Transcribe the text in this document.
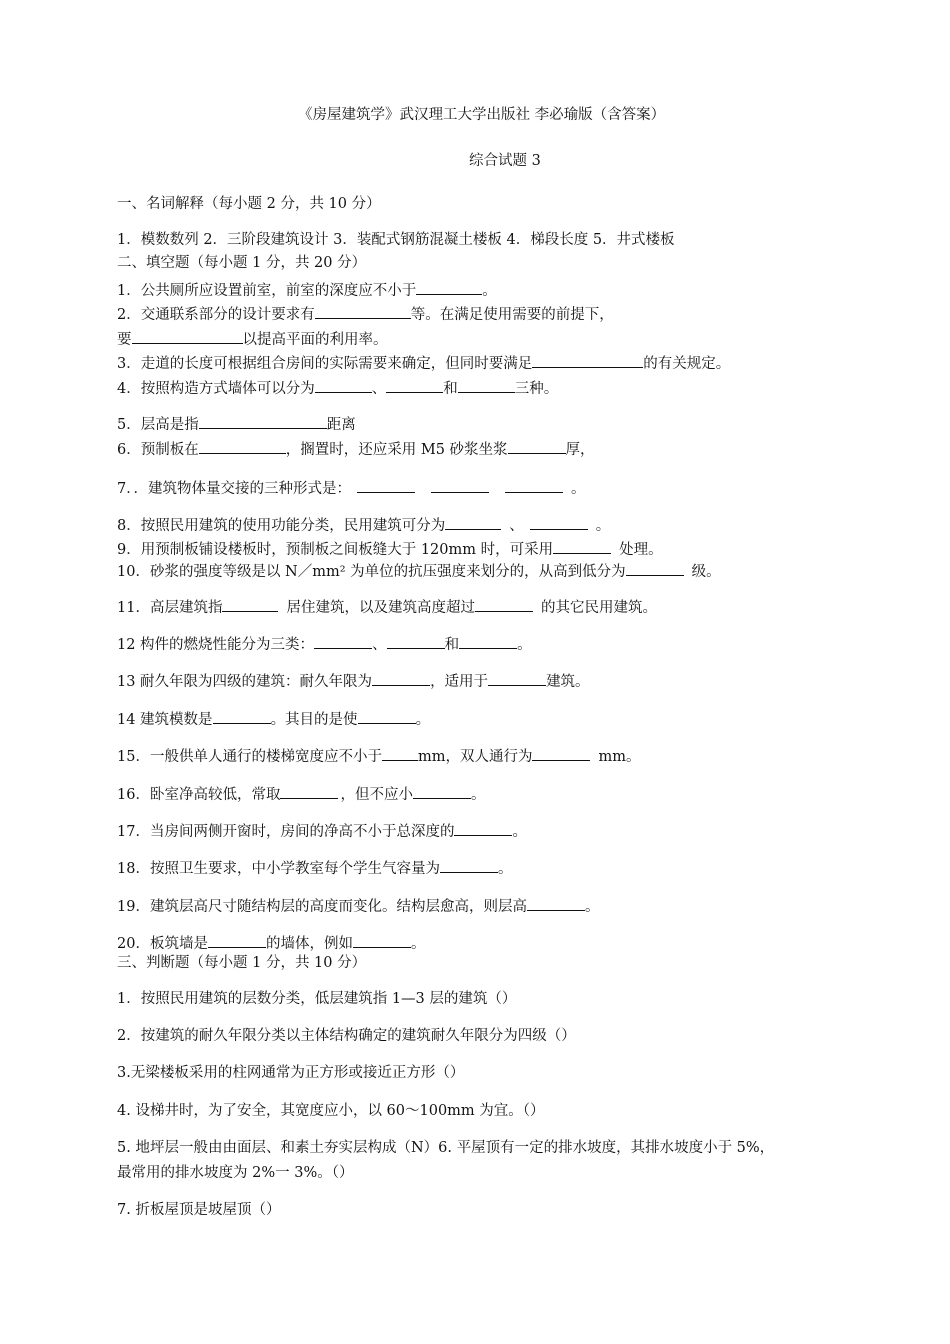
《房屋建筑学》武汉理工大学出版社 李必瑜版（含答案）
综合试题 3
一、名词解释（每小题 2 分，共 10 分）
1．模数数列 2．三阶段建筑设计 3．装配式钢筋混凝土楼板 4．梯段长度 5．井式楼板
二、填空题（每小题 1 分，共 20 分）
1．公共厕所应设置前室，前室的深度应不小于	。
2．交通联系部分的设计要求有	等。在满足使用需要的前提下，
要	以提高平面的利用率。
3．走道的长度可根据组合房间的实际需要来确定，但同时要满足	的有关规定。
4．按照构造方式墙体可以分为	、	和	三种。
5．层高是指	距离
6．预制板在	，搁置时，还应采用 M5 砂浆坐浆	厚，
7．．建筑物体量交接的三种形式是：	。
8．按照民用建筑的使用功能分类，民用建筑可分为	、	。
9．用预制板铺设楼板时，预制板之间板缝大于 120mm 时，可采用	处理。
10．砂浆的强度等级是以 N／mm² 为单位的抗压强度来划分的，从高到低分为	级。
11．高层建筑指	居住建筑，以及建筑高度超过	的其它民用建筑。
12 构件的燃烧性能分为三类：	、	和	。
13 耐久年限为四级的建筑：耐久年限为	，适用于	建筑。
14 建筑模数是	。其目的是使	。
15．一般供单人通行的楼梯宽度应不小于 mm，双人通行为	mm。
16．卧室净高较低，常取	，但不应小	。
17．当房间两侧开窗时，房间的净高不小于总深度的	。
18．按照卫生要求，中小学教室每个学生气容量为	。
19．建筑层高尺寸随结构层的高度而变化。结构层愈高，则层高	。
20．板筑墙是	的墙体，例如	。
三、判断题（每小题 1 分，共 10 分）
1．按照民用建筑的层数分类，低层建筑指 1—3 层的建筑（）
2．按建筑的耐久年限分类以主体结构确定的建筑耐久年限分为四级（）
3.无梁楼板采用的柱网通常为正方形或接近正方形（）
4. 设梯井时，为了安全，其宽度应小，以 60～100mm 为宜。（）
5. 地坪层一般由由面层、和素土夯实层构成（N）6. 平屋顶有一定的排水坡度，其排水坡度小于 5%，
最常用的排水坡度为 2%一 3%。（）
7. 折板屋顶是坡屋顶（）
